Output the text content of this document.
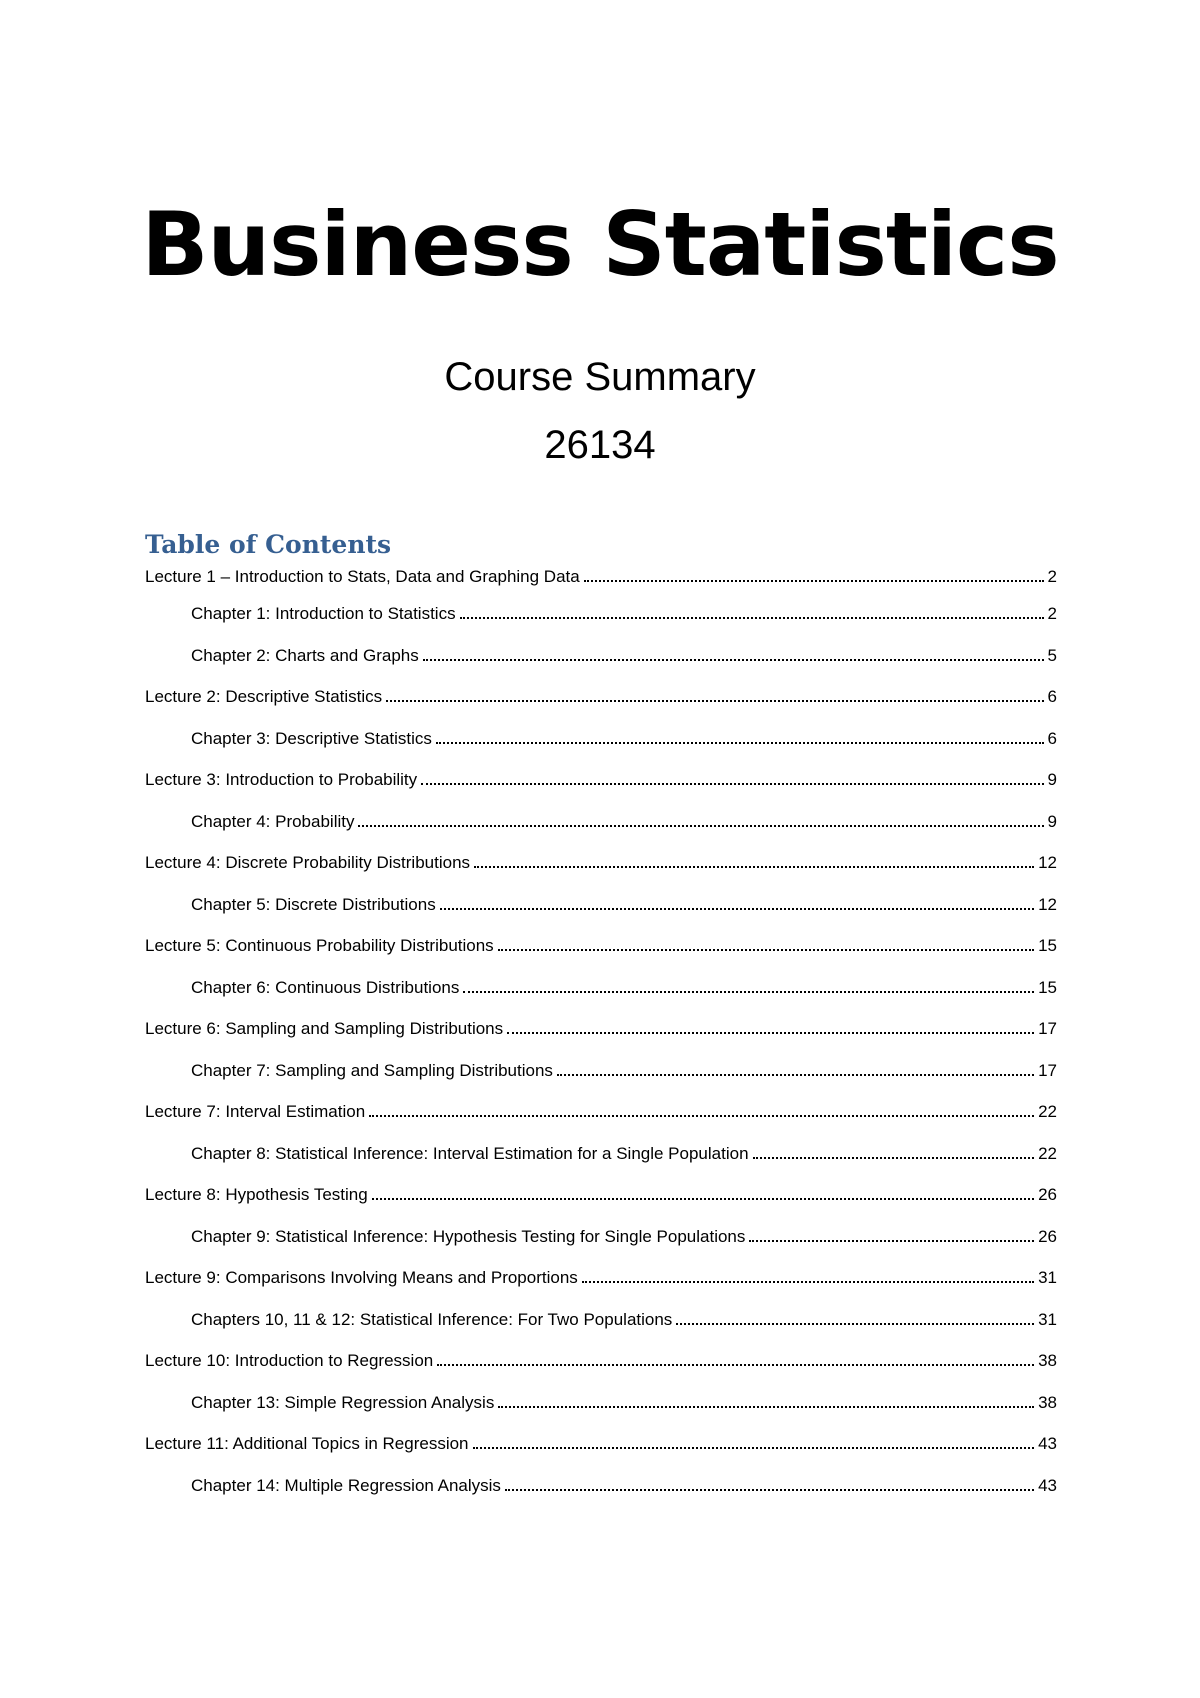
Business Statistics
Course Summary
26134
Table of Contents
Lecture 1 – Introduction to Stats, Data and Graphing Data	2
Chapter 1: Introduction to Statistics	2
Chapter 2: Charts and Graphs	5
Lecture 2: Descriptive Statistics	6
Chapter 3: Descriptive Statistics	6
Lecture 3: Introduction to Probability	9
Chapter 4: Probability	9
Lecture 4: Discrete Probability Distributions	12
Chapter 5: Discrete Distributions	12
Lecture 5: Continuous Probability Distributions	15
Chapter 6: Continuous Distributions	15
Lecture 6: Sampling and Sampling Distributions	17
Chapter 7: Sampling and Sampling Distributions	17
Lecture 7: Interval Estimation	22
Chapter 8: Statistical Inference: Interval Estimation for a Single Population	22
Lecture 8: Hypothesis Testing	26
Chapter 9: Statistical Inference: Hypothesis Testing for Single Populations	26
Lecture 9: Comparisons Involving Means and Proportions	31
Chapters 10, 11 & 12: Statistical Inference: For Two Populations	31
Lecture 10: Introduction to Regression	38
Chapter 13: Simple Regression Analysis	38
Lecture 11: Additional Topics in Regression	43
Chapter 14: Multiple Regression Analysis	43
